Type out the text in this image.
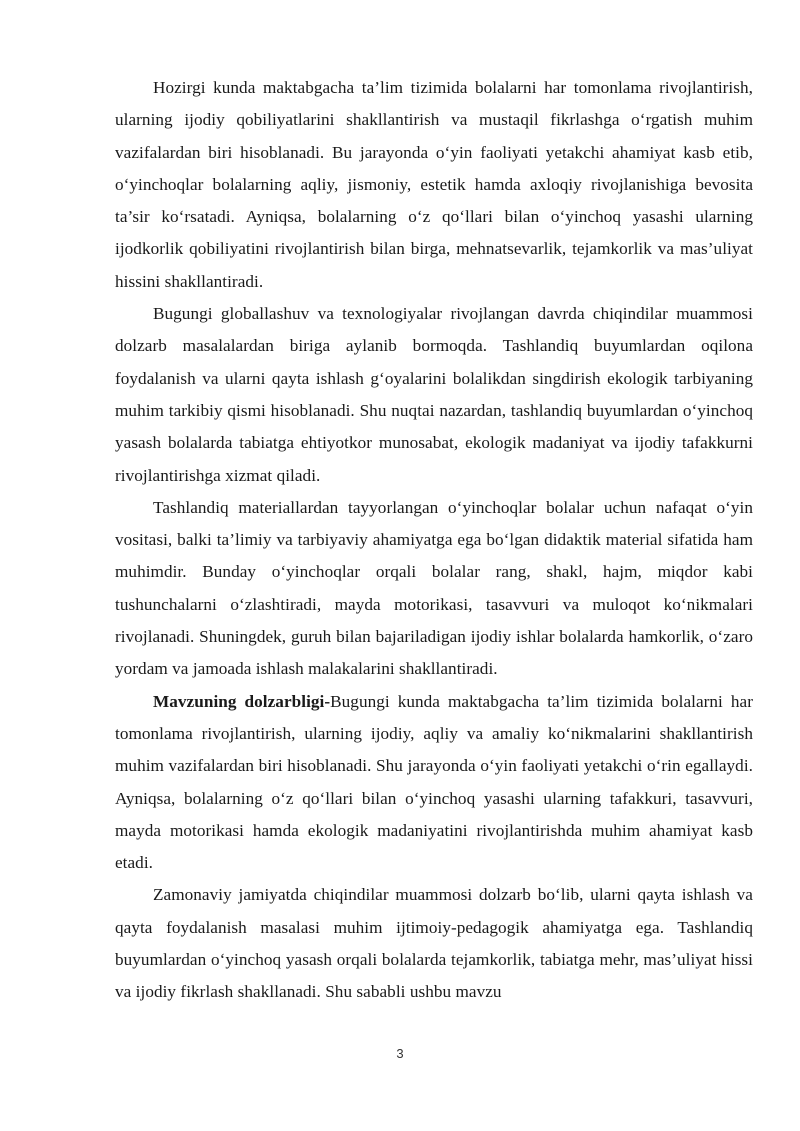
Hozirgi kunda maktabgacha ta’lim tizimida bolalarni har tomonlama rivojlantirish, ularning ijodiy qobiliyatlarini shakllantirish va mustaqil fikrlashga o‘rgatish muhim vazifalardan biri hisoblanadi. Bu jarayonda o‘yin faoliyati yetakchi ahamiyat kasb etib, o‘yinchoqlar bolalarning aqliy, jismoniy, estetik hamda axloqiy rivojlanishiga bevosita ta’sir ko‘rsatadi. Ayniqsa, bolalarning o‘z qo‘llari bilan o‘yinchoq yasashi ularning ijodkorlik qobiliyatini rivojlantirish bilan birga, mehnatsevarlik, tejamkorlik va mas’uliyat hissini shakllantiradi.

Bugungi globallashuv va texnologiyalar rivojlangan davrda chiqindilar muammosi dolzarb masalalardan biriga aylanib bormoqda. Tashlandiq buyumlardan oqilona foydalanish va ularni qayta ishlash g‘oyalarini bolalikdan singdirish ekologik tarbiyaning muhim tarkibiy qismi hisoblanadi. Shu nuqtai nazardan, tashlandiq buyumlardan o‘yinchoq yasash bolalarda tabiatga ehtiyotkor munosabat, ekologik madaniyat va ijodiy tafakkurni rivojlantirishga xizmat qiladi.

Tashlandiq materiallardan tayyorlangan o‘yinchoqlar bolalar uchun nafaqat o‘yin vositasi, balki ta’limiy va tarbiyaviy ahamiyatga ega bo‘lgan didaktik material sifatida ham muhimdir. Bunday o‘yinchoqlar orqali bolalar rang, shakl, hajm, miqdor kabi tushunchalarni o‘zlashtiradi, mayda motorikasi, tasavvuri va muloqot ko‘nikmalari rivojlanadi. Shuningdek, guruh bilan bajariladigan ijodiy ishlar bolalarda hamkorlik, o‘zaro yordam va jamoada ishlash malakalarini shakllantiradi.

Mavzuning dolzarbligi-Bugungi kunda maktabgacha ta’lim tizimida bolalarni har tomonlama rivojlantirish, ularning ijodiy, aqliy va amaliy ko‘nikmalarini shakllantirish muhim vazifalardan biri hisoblanadi. Shu jarayonda o‘yin faoliyati yetakchi o‘rin egallaydi. Ayniqsa, bolalarning o‘z qo‘llari bilan o‘yinchoq yasashi ularning tafakkuri, tasavvuri, mayda motorikasi hamda ekologik madaniyatini rivojlantirishda muhim ahamiyat kasb etadi.

Zamonaviy jamiyatda chiqindilar muammosi dolzarb bo‘lib, ularni qayta ishlash va qayta foydalanish masalasi muhim ijtimoiy-pedagogik ahamiyatga ega. Tashlandiq buyumlardan o‘yinchoq yasash orqali bolalarda tejamkorlik, tabiatga mehr, mas’uliyat hissi va ijodiy fikrlash shakllanadi. Shu sababli ushbu mavzu

3
